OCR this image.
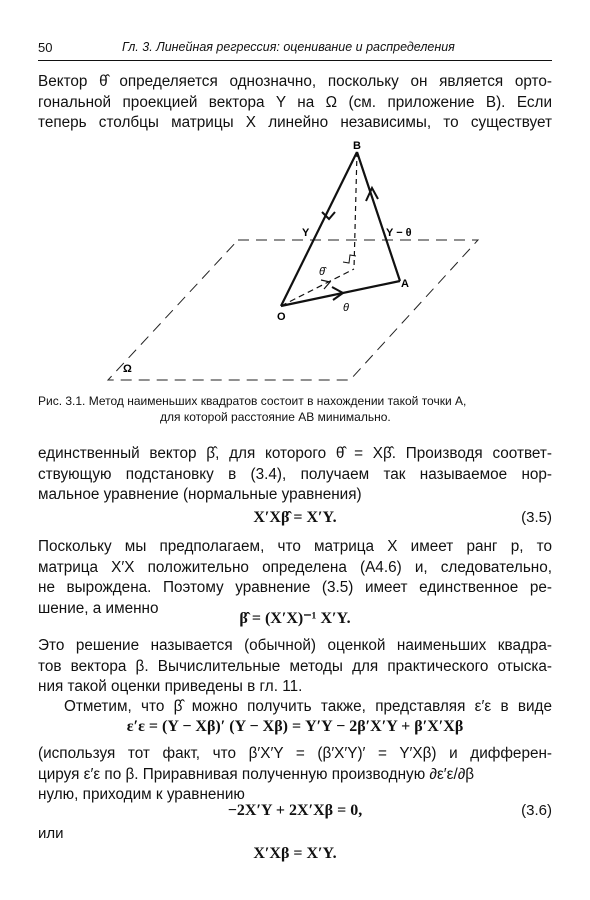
50	Гл. 3. Линейная регрессия: оценивание и распределения
Вектор θ̂ определяется однозначно, поскольку он является орто-
гональной проекцией вектора Y на Ω (см. приложение В). Если
теперь столбцы матрицы X линейно независимы, то существует
B
Y	Y − θ
θ̂
A
O
θ
Ω
Рис. 3.1. Метод наименьших квадратов состоит в нахождении такой точки A,
для которой расстояние AB минимально.
единственный вектор β̂, для которого θ̂ = Xβ̂. Производя соответ-
ствующую подстановку в (3.4), получаем так называемое нор-
мальное уравнение (нормальные уравнения)
X′Xβ̂ = X′Y.	(3.5)
Поскольку мы предполагаем, что матрица X имеет ранг p, то
матрица X′X положительно определена (A4.6) и, следовательно,
не вырождена. Поэтому уравнение (3.5) имеет единственное ре-
шение, а именно
β̂ = (X′X)⁻¹ X′Y.
Это решение называется (обычной) оценкой наименьших квадра-
тов вектора β. Вычислительные методы для практического отыска-
ния такой оценки приведены в гл. 11.
Отметим, что β̂ можно получить также, представляя ε′ε в виде
ε′ε = (Y − Xβ)′ (Y − Xβ) = Y′Y − 2β′X′Y + β′X′Xβ
(используя тот факт, что β′X′Y = (β′X′Y)′ = Y′Xβ) и дифферен-
цируя ε′ε по β. Приравнивая полученную производную ∂ε′ε/∂β
нулю, приходим к уравнению
−2X′Y + 2X′Xβ = 0,	(3.6)
или
X′Xβ = X′Y.
